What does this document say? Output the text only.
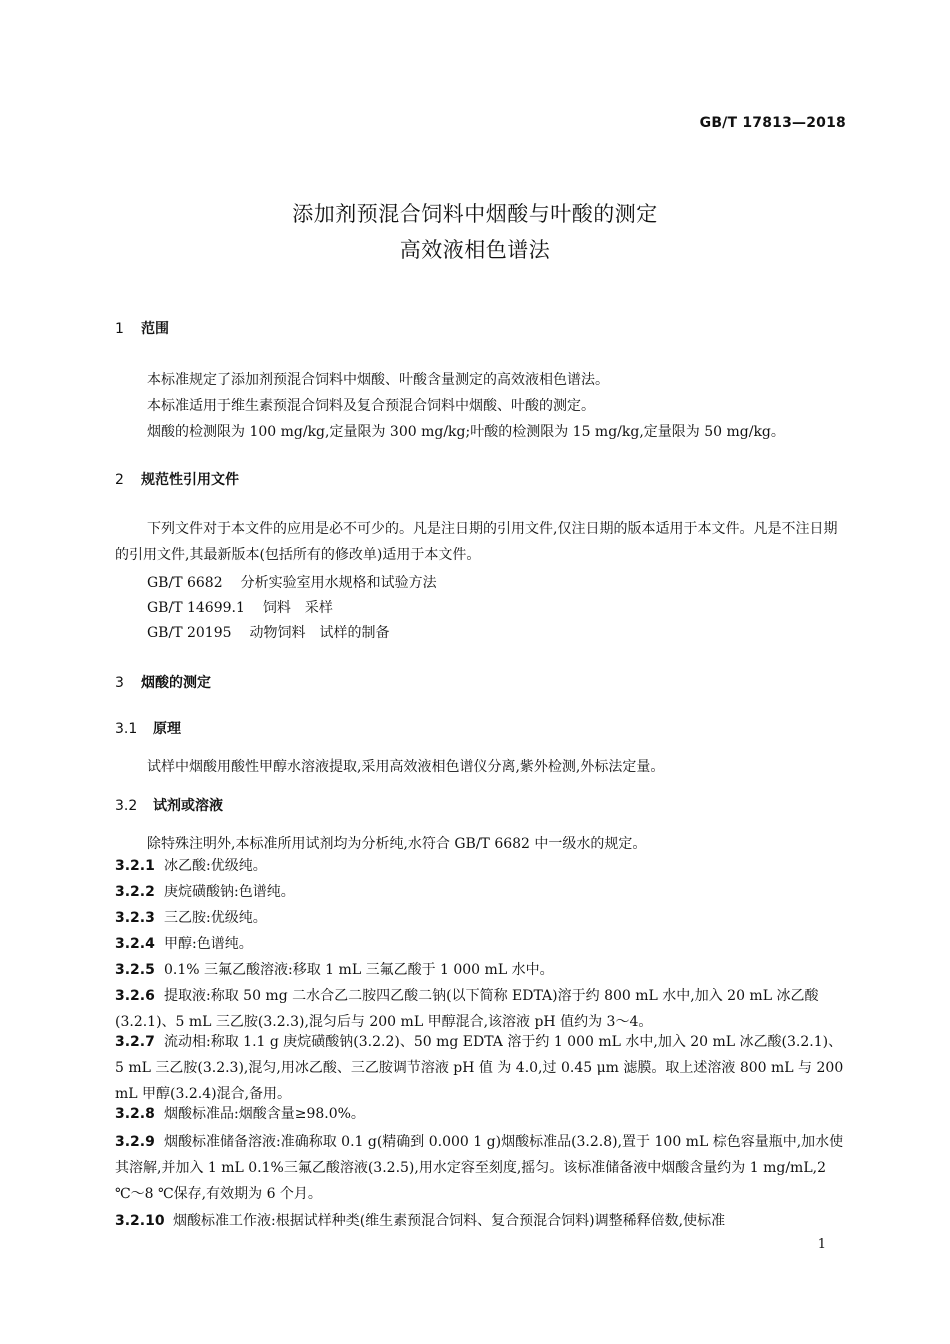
GB/T 17813—2018
添加剂预混合饲料中烟酸与叶酸的测定
高效液相色谱法
1 范围
本标准规定了添加剂预混合饲料中烟酸、叶酸含量测定的高效液相色谱法。
本标准适用于维生素预混合饲料及复合预混合饲料中烟酸、叶酸的测定。
烟酸的检测限为 100 mg/kg,定量限为 300 mg/kg;叶酸的检测限为 15 mg/kg,定量限为 50 mg/kg。
2 规范性引用文件
下列文件对于本文件的应用是必不可少的。凡是注日期的引用文件,仅注日期的版本适用于本文件。凡是不注日期的引用文件,其最新版本(包括所有的修改单)适用于本文件。
GB/T 6682 分析实验室用水规格和试验方法
GB/T 14699.1 饲料　采样
GB/T 20195 动物饲料　试样的制备
3 烟酸的测定
3.1 原理
试样中烟酸用酸性甲醇水溶液提取,采用高效液相色谱仪分离,紫外检测,外标法定量。
3.2 试剂或溶液
除特殊注明外,本标准所用试剂均为分析纯,水符合 GB/T 6682 中一级水的规定。
3.2.1 冰乙酸:优级纯。
3.2.2 庚烷磺酸钠:色谱纯。
3.2.3 三乙胺:优级纯。
3.2.4 甲醇:色谱纯。
3.2.5 0.1% 三氟乙酸溶液:移取 1 mL 三氟乙酸于 1 000 mL 水中。
3.2.6 提取液:称取 50 mg 二水合乙二胺四乙酸二钠(以下简称 EDTA)溶于约 800 mL 水中,加入 20 mL 冰乙酸(3.2.1)、5 mL 三乙胺(3.2.3),混匀后与 200 mL 甲醇混合,该溶液 pH 值约为 3～4。
3.2.7 流动相:称取 1.1 g 庚烷磺酸钠(3.2.2)、50 mg EDTA 溶于约 1 000 mL 水中,加入 20 mL 冰乙酸(3.2.1)、5 mL 三乙胺(3.2.3),混匀,用冰乙酸、三乙胺调节溶液 pH 值 为 4.0,过 0.45 μm 滤膜。取上述溶液 800 mL 与 200 mL 甲醇(3.2.4)混合,备用。
3.2.8 烟酸标准品:烟酸含量≥98.0%。
3.2.9 烟酸标准储备溶液:准确称取 0.1 g(精确到 0.000 1 g)烟酸标准品(3.2.8),置于 100 mL 棕色容量瓶中,加水使其溶解,并加入 1 mL 0.1%三氟乙酸溶液(3.2.5),用水定容至刻度,摇匀。该标准储备液中烟酸含量约为 1 mg/mL,2 ℃～8 ℃保存,有效期为 6 个月。
3.2.10 烟酸标准工作液:根据试样种类(维生素预混合饲料、复合预混合饲料)调整稀释倍数,使标准
1
